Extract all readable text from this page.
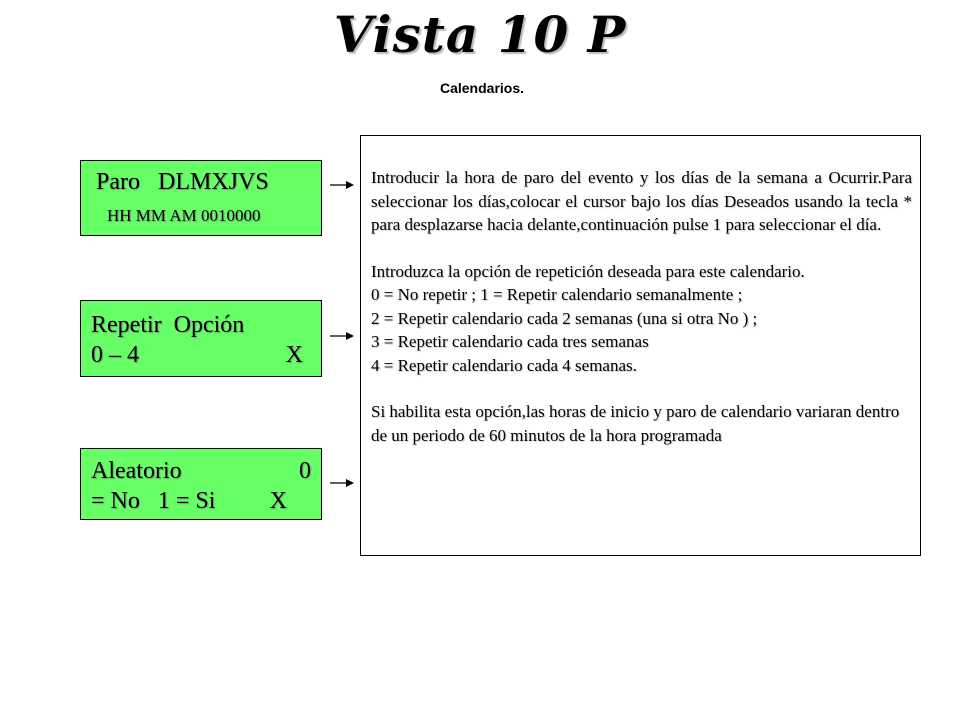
Vista 10 P
Calendarios.
Paro   DLMXJVS
HH MM AM 0010000
Repetir  Opción
0 – 4	X
Aleatorio	0
= No   1 = Si X

Introducir la hora de paro del evento y los días de la semana a Ocurrir.Para seleccionar los días,colocar el cursor bajo los días Deseados usando la tecla * para desplazarse hacia delante,continuación pulse 1 para seleccionar el día.

Introduzca la opción de repetición deseada para este calendario.

0 = No repetir ; 1 = Repetir calendario semanalmente ;

2 = Repetir calendario cada 2 semanas (una si otra No ) ;

3 = Repetir calendario cada tres semanas

4 = Repetir calendario cada 4 semanas.

Si habilita esta opción,las horas de inicio y paro de calendario variaran dentro de un periodo de 60 minutos de la hora programada
